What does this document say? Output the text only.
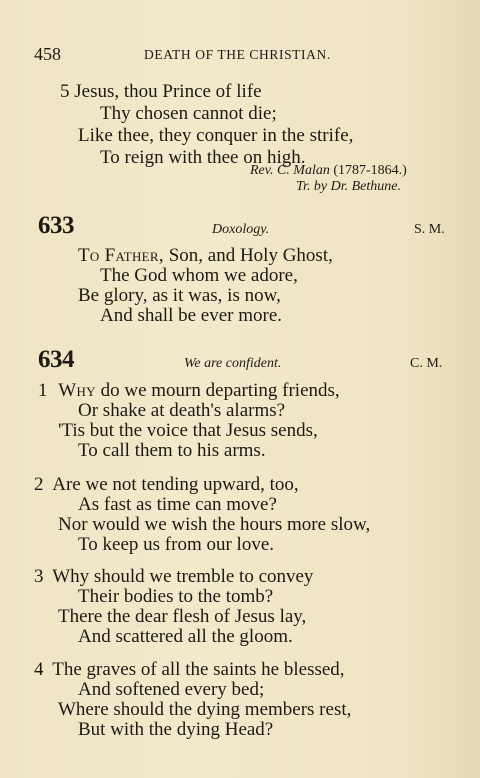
458	DEATH OF THE CHRISTIAN.
5 Jesus, thou Prince of life
Thy chosen cannot die;
Like thee, they conquer in the strife,
To reign with thee on high.
Rev. C. Malan (1787-1864.)
Tr. by Dr. Bethune.
633	Doxology.	S. M.
To Father, Son, and Holy Ghost,
The God whom we adore,
Be glory, as it was, is now,
And shall be ever more.
634	We are confident.	C. M.
1 Why do we mourn departing friends,
Or shake at death's alarms?
'Tis but the voice that Jesus sends,
To call them to his arms.
2 Are we not tending upward, too,
As fast as time can move?
Nor would we wish the hours more slow,
To keep us from our love.
3 Why should we tremble to convey
Their bodies to the tomb?
There the dear flesh of Jesus lay,
And scattered all the gloom.
4 The graves of all the saints he blessed,
And softened every bed;
Where should the dying members rest,
But with the dying Head?
